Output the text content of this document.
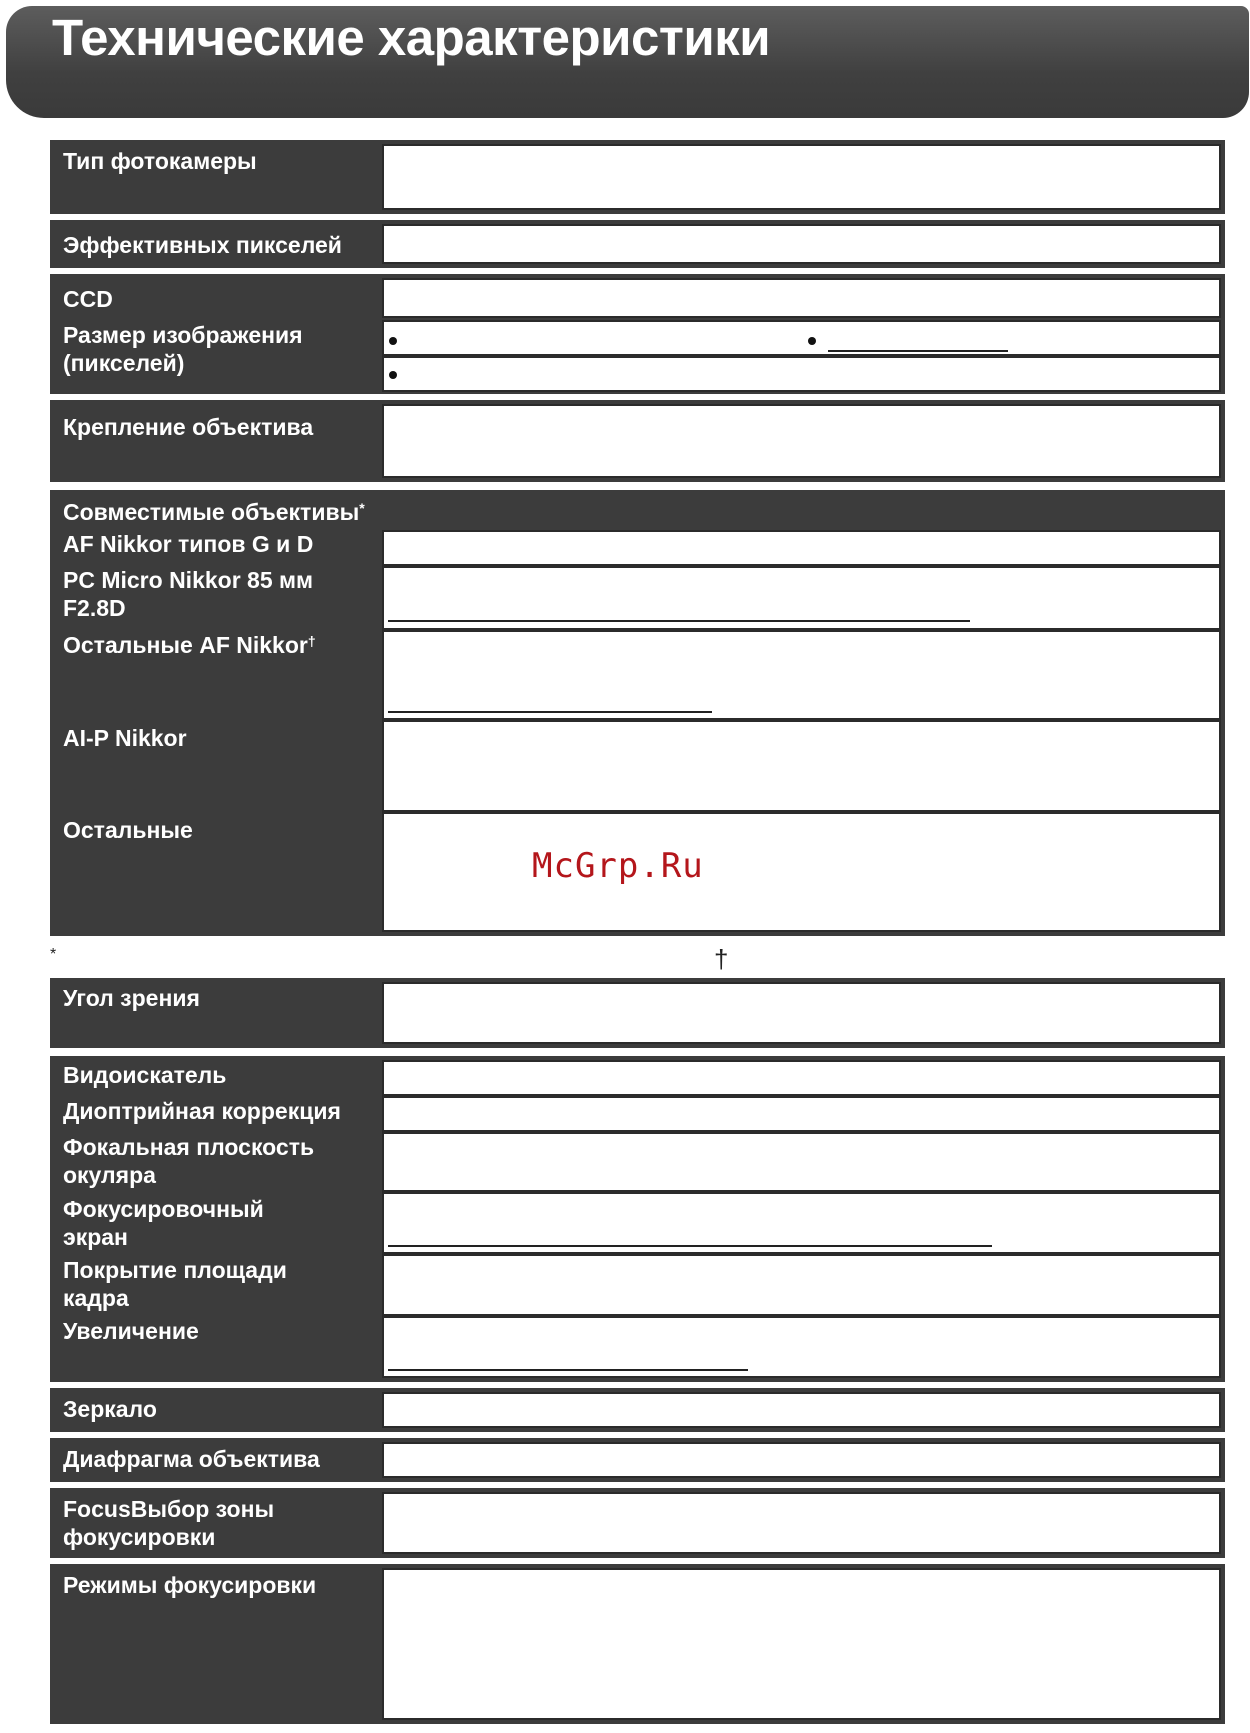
Технические характеристики
Тип фотокамеры
Эффективных пикселей
CCD
Размер изображения
(пикселей)
Крепление объектива
Совместимые объективы*
AF Nikkor типов G и D
PC Micro Nikkor 85 мм
F2.8D
Остальные AF Nikkor†
AI-P Nikkor
Остальные
*	†
Угол зрения
Видоискатель
Диоптрийная коррекция
Фокальная плоскость
окуляра
Фокусировочный
экран
Покрытие площади
кадра
Увеличение
Зеркало
Диафрагма объектива
FocusВыбор зоны
фокусировки
Режимы фокусировки
McGrp.Ru
